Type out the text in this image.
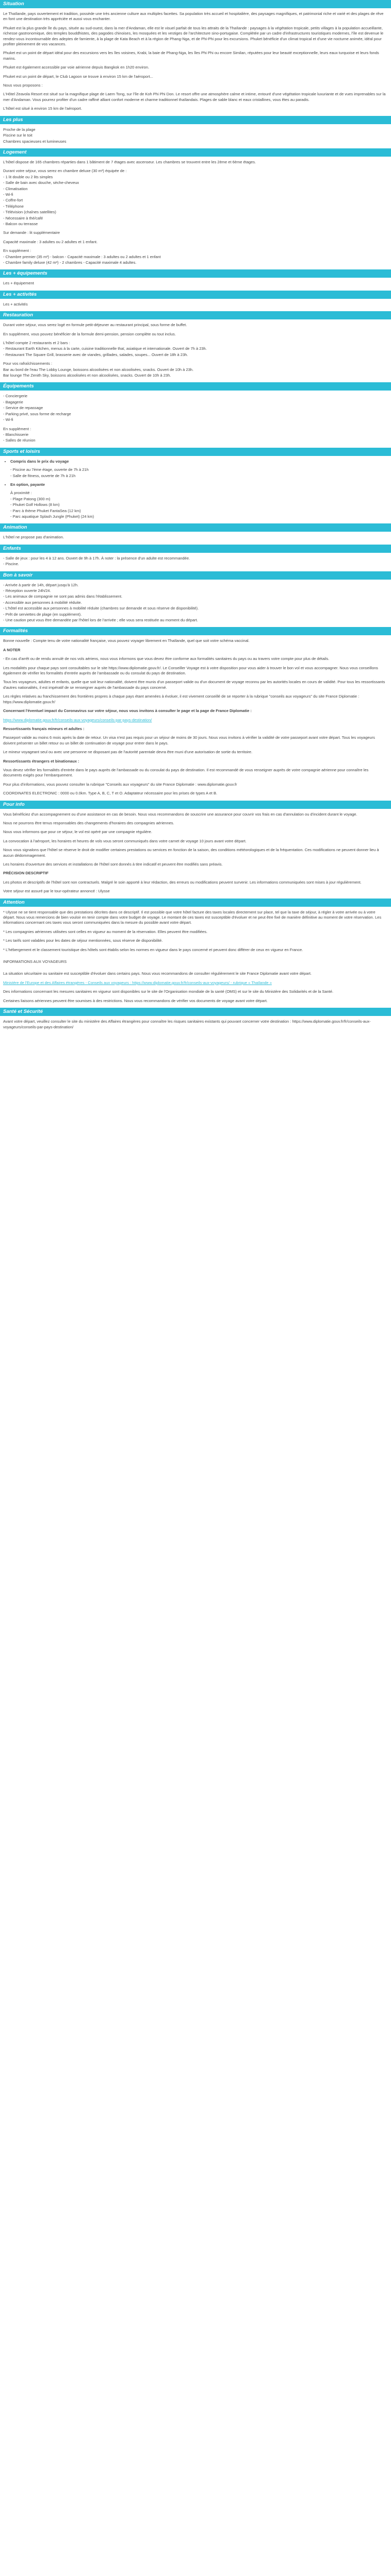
Situation

Le Thaïlande, pays ouvertement et tradition, possède une très ancienne culture aux multiples facettes. Sa population très accueil et hospitalière, des paysages magnifiques, et patrimonial riche et varié et des plages de rêve en font une destination très appréciée et aussi vous enchanter.

Phuket est la plus grande île du pays, située au sud-ouest, dans la mer d'Andaman, elle est le visuel parfait de tous les attraits de la Thaïlande : paysages à la végétation tropicale, petits villages à la population accueillante, richesse gastronomique, des temples bouddhistes, des pagodes chinoises, les mosquées et les vestiges de l'architecture sino-portugaise. Complétée par un cadre d'infrastructures touristiques modernes, l'île est devenue le rendez-vous incontournable des adeptes de farniente, à la plage de Kata Beach et à la région de Phang-Nga, et de Phi-Phi pour les excursions. Phuket bénéficie d'un climat tropical et d'une vie nocturne animée, idéal pour profiter pleinement de vos vacances.

Phuket est un point de départ idéal pour des excursions vers les îles voisines, Krabi, la baie de Phang-Nga, les îles Phi Phi ou encore Similan, réputées pour leur beauté exceptionnelle, leurs eaux turquoise et leurs fonds marins.

Phuket est également accessible par voie aérienne depuis Bangkok en 1h20 environ.

Phuket est un point de départ, le Club Lagoon se trouve à environ 15 km de l'aéroport...

Nous vous proposons :

L'Hôtel Zeavola Resort est situé sur la magnifique plage de Laem Tong, sur l'île de Koh Phi Phi Don. Le resort offre une atmosphère calme et intime, entouré d'une végétation tropicale luxuriante et de vues imprenables sur la mer d'Andaman. Vous pourrez profiter d'un cadre raffiné alliant confort moderne et charme traditionnel thaïlandais. Plages de sable blanc et eaux cristallines, vous êtes au paradis.

L'hôtel est situé à environ 15 km de l'aéroport.

Les plus

Proche de la plage

Piscine sur le toit

Chambres spacieuses et lumineuses

Logement

L'hôtel dispose de 165 chambres réparties dans 1 bâtiment de 7 étages avec ascenseur. Les chambres se trouvent entre les 2ème et 6ème étages.

Durant votre séjour, vous serez en chambre deluxe (30 m²) équipée de :

- 1 lit double ou 2 lits simples

- Salle de bain avec douche, sèche-cheveux

- Climatisation

- Wi-fi

- Coffre-fort

- Téléphone

- Télévision (chaînes satellites)

- Nécessaire à thé/café

- Balcon ou terrasse

Sur demande : lit supplémentaire

Capacité maximale : 3 adultes ou 2 adultes et 1 enfant.

En supplément :

- Chambre premier (35 m²) - balcon - Capacité maximale : 3 adultes ou 2 adultes et 1 enfant

- Chambre family deluxe (42 m²) - 2 chambres - Capacité maximale 4 adultes.

Les + équipements

Les + équipement

Les + activités

Les + activités

Restauration

Durant votre séjour, vous serez logé en formule petit-déjeuner au restaurant principal, sous forme de buffet.

En supplément, vous pouvez bénéficier de la formule demi-pension, pension complète ou tout inclus.

L'hôtel compte 2 restaurants et 2 bars :

- Restaurant Earth Kitchen, menus à la carte, cuisine traditionnelle thaï, asiatique et internationale. Ouvert de 7h à 23h.

- Restaurant The Square Grill, brasserie avec de viandes, grillades, salades, soupes... Ouvert de 18h à 23h.

Pour vos rafraîchissements :

Bar au bord de l'eau The Lobby Lounge, boissons alcoolisées et non alcoolisées, snacks. Ouvert de 10h à 23h.

Bar lounge The Zenith Sky, boissons alcoolisées et non alcoolisées, snacks. Ouvert de 10h à 23h.

Équipements

- Conciergerie

- Bagagerie

- Service de repassage

- Parking privé, sous forme de recharge

- Wi-fi

En supplément :

- Blanchisserie

- Salles de réunion

Sports et loisirs
• Compris dans le prix du voyage

- Piscine au 7ème étage, ouverte de 7h à 21h

- Salle de fitness, ouverte de 7h à 21h

• En option, payante

À proximité :

- Plage Patong (300 m)

- Phuket Golf Hollows (8 km)

- Parc à thème Phuket FantaSea (12 km)

- Parc aquatique Splash Jungle (Phuket) (24 km)

Animation

L'hôtel ne propose pas d'animation.

Enfants

- Salle de jeux : pour les 4 à 12 ans. Ouvert de 9h à 17h. À noter : la présence d'un adulte est recommandée.

- Piscine.

Bon à savoir

- Arrivée à partir de 14h, départ jusqu'à 12h.

- Réception ouverte 24h/24.

- Les animaux de compagnie ne sont pas admis dans l'établissement.

- Accessible aux personnes à mobilité réduite.

- L'hôtel est accessible aux personnes à mobilité réduite (chambres sur demande et sous réserve de disponibilité).

- Prêt de serviettes de plage (en supplément).

- Une caution peut vous être demandée par l'hôtel lors de l'arrivée ; elle vous sera restituée au moment du départ.

Formalités

Bonne nouvelle : Compte tenu de votre nationalité française, vous pouvez voyager librement en Thaïlande, quel que soit votre schéma vaccinal.

A NOTER

- En cas d'arrêt ou de rendu annulé de nos vols aériens, nous vous informons que vous devez être conforme aux formalités sanitaires du pays ou au travers votre compte pour plus de détails.

Les modalités pour chaque pays sont consultables sur le site https://www.diplomatie.gouv.fr/. Le Conseiller Voyage est à votre disposition pour vous aider à trouver le bon vol et vous accompagner. Nous vous conseillons également de vérifier les formalités d'entrée auprès de l'ambassade ou du consulat du pays de destination.

Tous les voyageurs, adultes et enfants, quelle que soit leur nationalité, doivent être munis d'un passeport valide ou d'un document de voyage reconnu par les autorités locales en cours de validité. Pour tous les ressortissants d'autres nationalités, il est impératif de se renseigner auprès de l'ambassade du pays concerné.

Les règles relatives au franchissement des frontières propres à chaque pays étant amenées à évoluer, il est vivement conseillé de se reporter à la rubrique "conseils aux voyageurs" du site France Diplomatie : https://www.diplomatie.gouv.fr/

Concernant l'éventuel impact du Coronavirus sur votre séjour, nous vous invitons à consulter le page et la page de France Diplomatie :

https://www.diplomatie.gouv.fr/fr/conseils-aux-voyageurs/conseils-par-pays-destination/

Ressortissants français mineurs et adultes :

Passeport valide au moins 6 mois après la date de retour. Un visa n'est pas requis pour un séjour de moins de 30 jours. Nous vous invitons à vérifier la validité de votre passeport avant votre départ. Tous les voyageurs doivent présenter un billet retour ou un billet de continuation de voyage pour entrer dans le pays.

Le mineur voyageant seul ou avec une personne ne disposant pas de l'autorité parentale devra être muni d'une autorisation de sortie du territoire.

Ressortissants étrangers et binationaux :

Vous devez vérifier les formalités d'entrée dans le pays auprès de l'ambassade ou du consulat du pays de destination. Il est recommandé de vous renseigner auprès de votre compagnie aérienne pour connaître les documents exigés pour l'embarquement.

Pour plus d'informations, vous pouvez consulter la rubrique "Conseils aux voyageurs" du site France Diplomatie : www.diplomatie.gouv.fr

COORDINATES ELECTRONIC : 0000 ou 0.0km. Type A, B, C, T et O. Adaptateur nécessaire pour les prises de types A et B.

Pour info

Vous bénéficiez d'un accompagnement ou d'une assistance en cas de besoin. Nous vous recommandons de souscrire une assurance pour couvrir vos frais en cas d'annulation ou d'incident durant le voyage.

Nous ne pourrons être tenus responsables des changements d'horaires des compagnies aériennes.

Nous vous informons que pour ce séjour, le vol est opéré par une compagnie régulière.

La convocation à l'aéroport, les horaires et heures de vols vous seront communiqués dans votre carnet de voyage 10 jours avant votre départ.

Nous vous signalons que l'hôtel se réserve le droit de modifier certaines prestations ou services en fonction de la saison, des conditions météorologiques et de la fréquentation. Ces modifications ne peuvent donner lieu à aucun dédommagement.

Les horaires d'ouverture des services et installations de l'hôtel sont donnés à titre indicatif et peuvent être modifiés sans préavis.

PRÉCISION DESCRIPTIF

Les photos et descriptifs de l'hôtel sont non contractuels. Malgré le soin apporté à leur rédaction, des erreurs ou modifications peuvent survenir. Les informations communiquées sont mises à jour régulièrement.

Votre séjour est assuré par le tour-opérateur annoncé : Ulysse

Attention

* Ulysse ne se tient responsable que des prestations décrites dans ce descriptif. Il est possible que votre hôtel facture des taxes locales directement sur place, tel que la taxe de séjour, à régler à votre arrivée ou à votre départ. Nous vous remercions de bien vouloir en tenir compte dans votre budget de voyage. Le montant de ces taxes est susceptible d'évoluer et ne peut être fixé de manière définitive au moment de votre réservation. Les informations concernant ces taxes vous seront communiquées dans la mesure du possible avant votre départ.

* Les compagnies aériennes utilisées sont celles en vigueur au moment de la réservation. Elles peuvent être modifiées.

* Les tarifs sont valables pour les dates de séjour mentionnées, sous réserve de disponibilité.

* L'hébergement et le classement touristique des hôtels sont établis selon les normes en vigueur dans le pays concerné et peuvent donc différer de ceux en vigueur en France.

INFORMATIONS AUX VOYAGEURS

La situation sécuritaire ou sanitaire est susceptible d'évoluer dans certains pays. Nous vous recommandons de consulter régulièrement le site France Diplomatie avant votre départ.

Ministère de l'Europe et des Affaires étrangères - Conseils aux voyageurs : https://www.diplomatie.gouv.fr/fr/conseils-aux-voyageurs/ - rubrique « Thaïlande »

Des informations concernant les mesures sanitaires en vigueur sont disponibles sur le site de l'Organisation mondiale de la santé (OMS) et sur le site du Ministère des Solidarités et de la Santé.

Certaines liaisons aériennes peuvent être soumises à des restrictions. Nous vous recommandons de vérifier vos documents de voyage avant votre départ.

Santé et Sécurité

Avant votre départ, veuillez consulter le site du ministère des Affaires étrangères pour connaître les risques sanitaires existants qui pouvant concerner votre destination : https://www.diplomatie.gouv.fr/fr/conseils-aux-voyageurs/conseils-par-pays-destination/
